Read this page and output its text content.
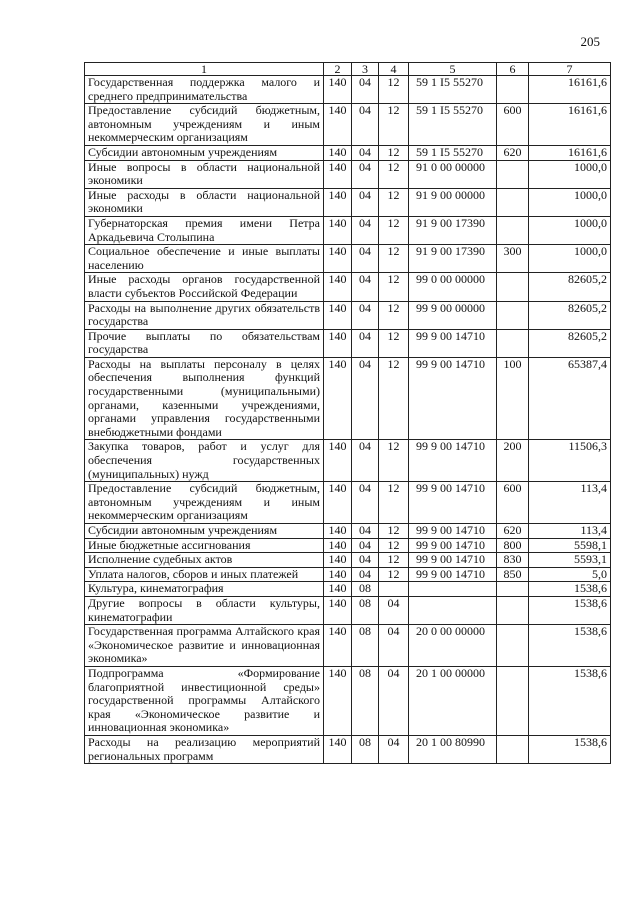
205
1	2	3	4	5	6	7
Государственная поддержка малого и среднего предпринимательства	140	04	12	59 1 I5 55270		16161,6
Предоставление субсидий бюджетным, автономным учреждениям и иным некоммерческим организациям	140	04	12	59 1 I5 55270	600	16161,6
Субсидии автономным учреждениям	140	04	12	59 1 I5 55270	620	16161,6
Иные вопросы в области национальной экономики	140	04	12	91 0 00 00000		1000,0
Иные расходы в области национальной экономики	140	04	12	91 9 00 00000		1000,0
Губернаторская премия имени Петра Аркадьевича Столыпина	140	04	12	91 9 00 17390		1000,0
Социальное обеспечение и иные выплаты населению	140	04	12	91 9 00 17390	300	1000,0
Иные расходы органов государственной власти субъектов Российской Федерации	140	04	12	99 0 00 00000		82605,2
Расходы на выполнение других обязательств государства	140	04	12	99 9 00 00000		82605,2
Прочие выплаты по обязательствам государства	140	04	12	99 9 00 14710		82605,2
Расходы на выплаты персоналу в целях обеспечения выполнения функций государственными (муниципальными) органами, казенными учреждениями, органами управления государственными внебюджетными фондами	140	04	12	99 9 00 14710	100	65387,4
Закупка товаров, работ и услуг для обеспечения государственных (муниципальных) нужд	140	04	12	99 9 00 14710	200	11506,3
Предоставление субсидий бюджетным, автономным учреждениям и иным некоммерческим организациям	140	04	12	99 9 00 14710	600	113,4
Субсидии автономным учреждениям	140	04	12	99 9 00 14710	620	113,4
Иные бюджетные ассигнования	140	04	12	99 9 00 14710	800	5598,1
Исполнение судебных актов	140	04	12	99 9 00 14710	830	5593,1
Уплата налогов, сборов и иных платежей	140	04	12	99 9 00 14710	850	5,0
Культура, кинематография	140	08				1538,6
Другие вопросы в области культуры, кинематографии	140	08	04			1538,6
Государственная программа Алтайского края «Экономическое развитие и инновационная экономика»	140	08	04	20 0 00 00000		1538,6
Подпрограмма «Формирование благоприятной инвестиционной среды» государственной программы Алтайского края «Экономическое развитие и инновационная экономика»	140	08	04	20 1 00 00000		1538,6
Расходы на реализацию мероприятий региональных программ	140	08	04	20 1 00 80990		1538,6
